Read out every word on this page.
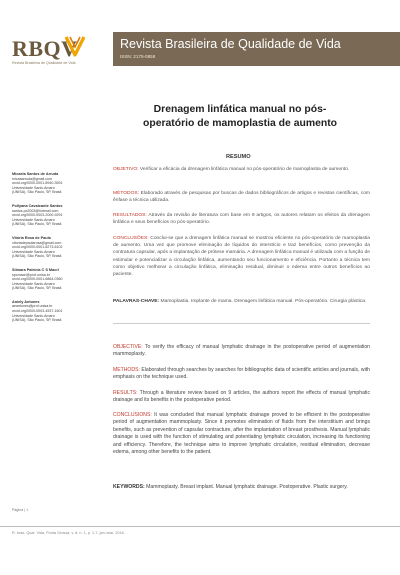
RBQV
Revista Brasileira de Qualidade de Vida
Revista Brasileira de Qualidade de Vida
ISSN: 2175-0858
Drenagem linfática manual no pós-
operatório de mamoplastia de aumento
Micaela Santos de Arruda
micaaarruda@gmail.com
orcid.org/0000-0001-8940-3591
Universidade Santo Amaro
(UNISA), São Paulo, SP, Brasil.
Pollyana Cavalcante Santos
santos.pc2003@hotmail.com
orcid.org/0000-0003-2000-9291
Universidade Santo Amaro
(UNISA), São Paulo, SP, Brasil.
Vitória Rosa de Paula
vitoriadepaularosa@gmail.com
orcid.org/0000-0001-6273-6102
Universidade Santo Amaro
(UNISA), São Paulo, SP, Brasil.
Silmara Patrícia C S Macri
spcmacri@prof.unisa.br
orcid.org/0000-0001-6864-0360
Universidade Santo Amaro
(UNISA), São Paulo, SP, Brasil.
Aniely Antunes
aeantunes@prof.unisa.br
orcid.org/0000-0003-4537-1601
Universidade Santo Amaro
(UNISA), São Paulo, SP, Brasil.
RESUMO
OBJETIVO: Verificar a eficácia da drenagem linfática manual no pós-operatório de mamoplastia de aumento.
MÉTODOS: Elaborado através de pesquisas por buscas de dados bibliográficos de artigos e revistas científicas, com ênfase a técnica utilizada.
RESULTADOS: Através da revisão de literatura com base em 9 artigos, os autores relatam os efeitos da drenagem linfática e seus benefícios no pós-operatório.
CONCLUSÕES: Conclui-se que a drenagem linfática manual se mostrou eficiente no pós-operatório de mamoplastia de aumento. Uma vez que promove eliminação de líquidos do interstício e traz benefícios, como prevenção da contratura capsular, após a implantação de prótese mamária. A drenagem linfática manual é utilizada com a função de estimular e potencializar a circulação linfática, aumentando seu funcionamento e eficiência. Portanto a técnica tem como objetivo melhorar a circulação linfática, eliminação residual, diminuir o edema entre outros benefícios ao paciente.
PALAVRAS-CHAVE: Mamoplastia. Implante de mama. Drenagem linfática manual. Pós-operatório. Cirurgia plástica.
OBJECTIVE: To verify the efficacy of manual lymphatic drainage in the postoperative period of augmentation mammoplasty.
METHODS: Elaborated through searches by searches for bibliographic data of scientific articles and journals, with emphasis on the technique used.
RESULTS: Through a literature review based on 9 articles, the authors report the effects of manual lymphatic drainage and its benefits in the postoperative period.
CONCLUSIONS: It was concluded that manual lymphatic drainage proved to be efficient in the postoperative period of augmentation mammoplasty. Since it promotes elimination of fluids from the interstitium and brings benefits, such as prevention of capsular contracture, after the implantation of breast prosthesis. Manual lymphatic drainage is used with the function of stimulating and potentiating lymphatic circulation, increasing its functioning and efficiency. Therefore, the technique aims to improve lymphatic circulation, residual elimination, decrease edema, among other benefits to the patient.
KEYWORDS: Mammoplasty. Breast implant. Manual lymphatic drainage. Postoperative. Plastic surgery.
Página | 1
R. bras. Qual. Vida, Ponta Grossa, v. 8, n. 1, p. 1-7, jan./mar. 2016.
